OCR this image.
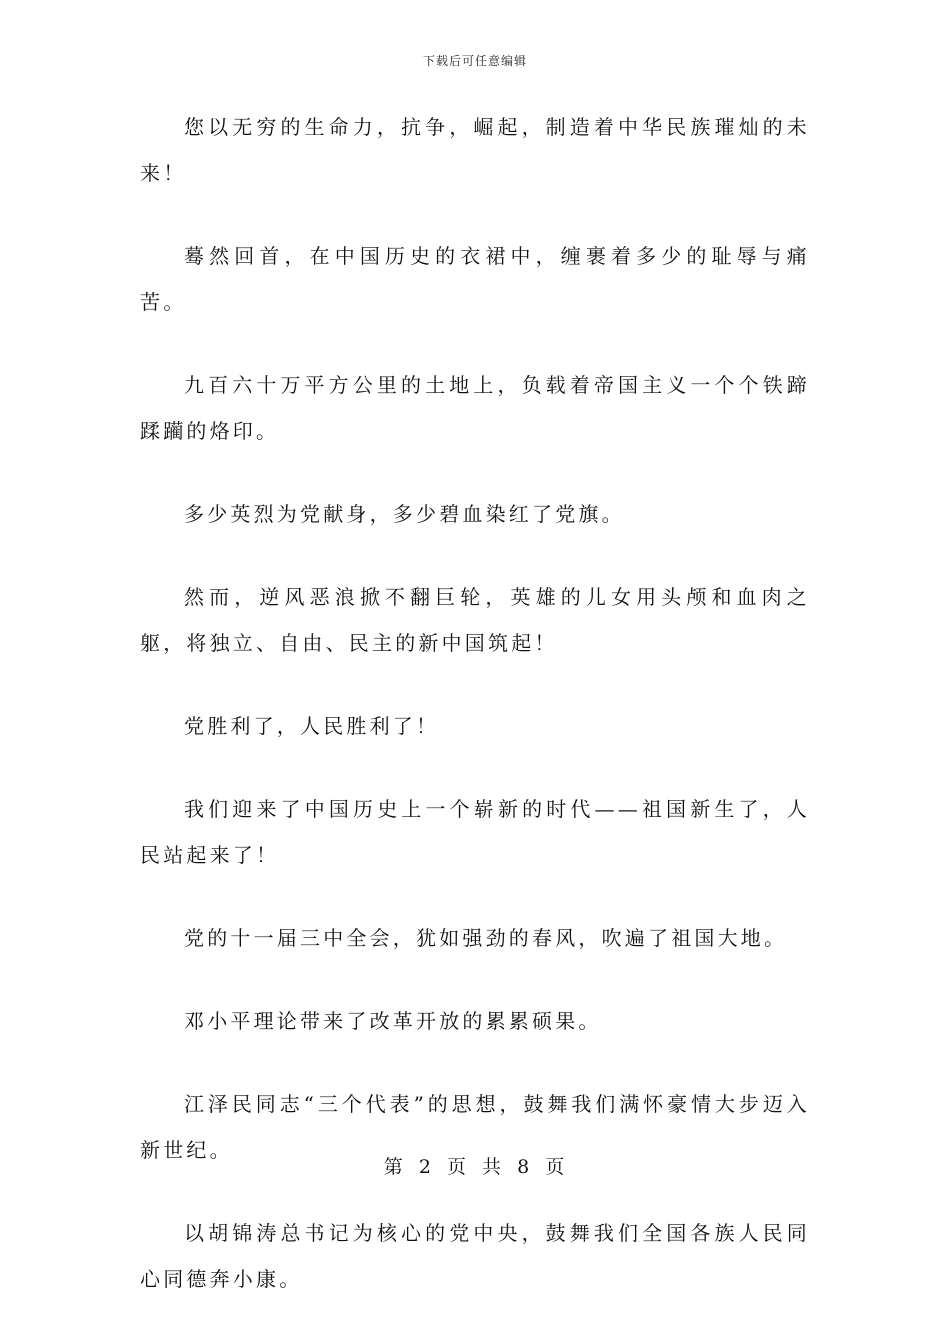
下载后可任意编辑

您以无穷的生命力，抗争，崛起，制造着中华民族璀灿的未来！

蓦然回首，在中国历史的衣裙中，缠裹着多少的耻辱与痛苦。

九百六十万平方公里的土地上，负载着帝国主义一个个铁蹄蹂躏的烙印。

多少英烈为党献身，多少碧血染红了党旗。

然而，逆风恶浪掀不翻巨轮，英雄的儿女用头颅和血肉之躯，将独立、自由、民主的新中国筑起！

党胜利了，人民胜利了！

我们迎来了中国历史上一个崭新的时代——祖国新生了，人民站起来了！

党的十一届三中全会，犹如强劲的春风，吹遍了祖国大地。

邓小平理论带来了改革开放的累累硕果。

江泽民同志“三个代表”的思想，鼓舞我们满怀豪情大步迈入新世纪。

以胡锦涛总书记为核心的党中央，鼓舞我们全国各族人民同心同德奔小康。

第 2 页 共 8 页
